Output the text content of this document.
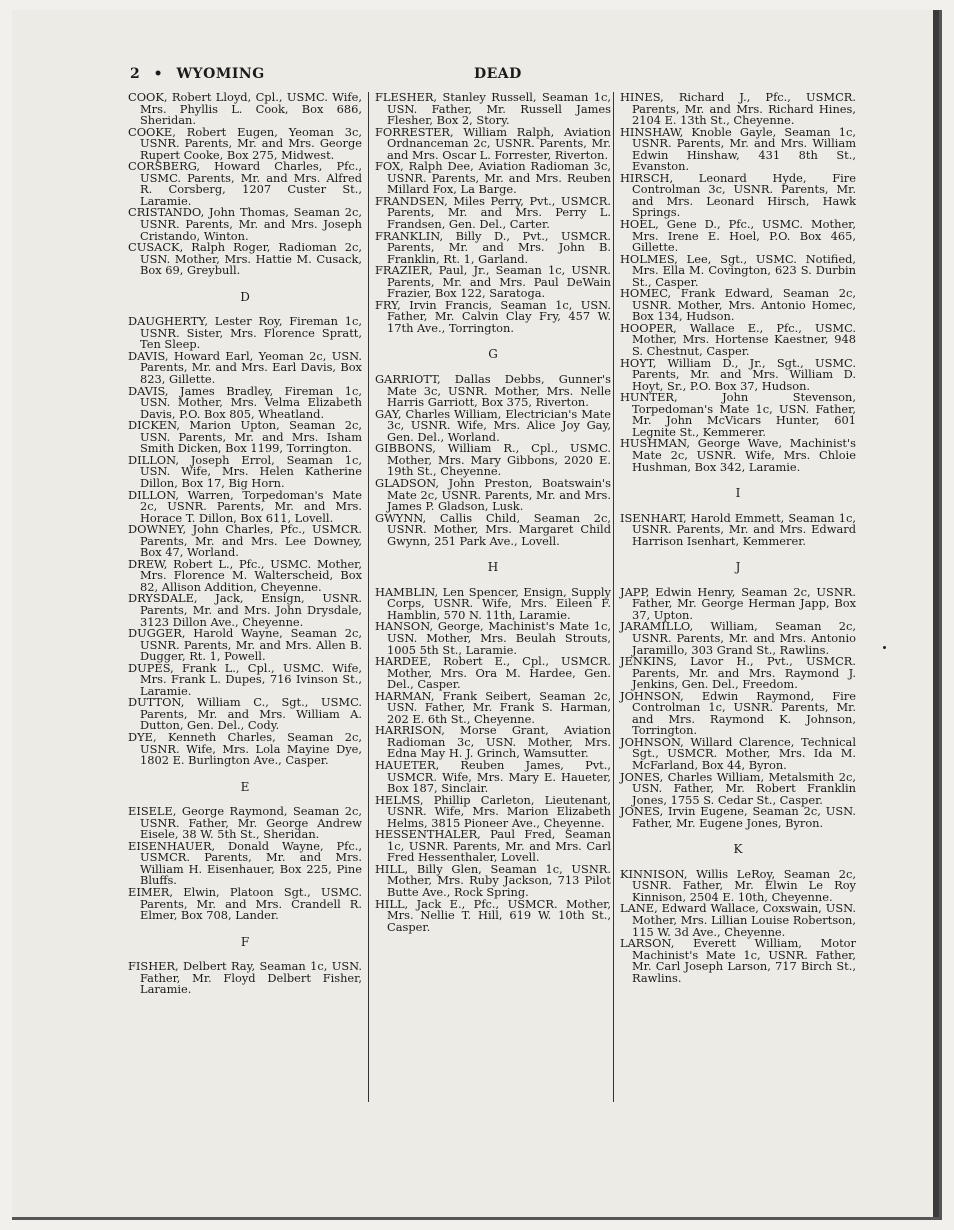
2 • WYOMING	DEAD

COOK, Robert Lloyd, Cpl., USMC. Wife, Mrs. Phyllis L. Cook, Box 686, Sheridan.

COOKE, Robert Eugen, Yeoman 3c, USNR. Parents, Mr. and Mrs. George Rupert Cooke, Box 275, Midwest.

CORSBERG, Howard Charles, Pfc., USMC. Parents, Mr. and Mrs. Alfred R. Corsberg, 1207 Custer St., Laramie.

CRISTANDO, John Thomas, Seaman 2c, USNR. Parents, Mr. and Mrs. Joseph Cristando, Winton.

CUSACK, Ralph Roger, Radioman 2c, USN. Mother, Mrs. Hattie M. Cusack, Box 69, Greybull.

D

DAUGHERTY, Lester Roy, Fireman 1c, USNR. Sister, Mrs. Florence Spratt, Ten Sleep.

DAVIS, Howard Earl, Yeoman 2c, USN. Parents, Mr. and Mrs. Earl Davis, Box 823, Gillette.

DAVIS, James Bradley, Fireman 1c, USN. Mother, Mrs. Velma Elizabeth Davis, P.O. Box 805, Wheatland.

DICKEN, Marion Upton, Seaman 2c, USN. Parents, Mr. and Mrs. Isham Smith Dicken, Box 1199, Torrington.

DILLON, Joseph Errol, Seaman 1c, USN. Wife, Mrs. Helen Katherine Dillon, Box 17, Big Horn.

DILLON, Warren, Torpedoman's Mate 2c, USNR. Parents, Mr. and Mrs. Horace T. Dillon, Box 611, Lovell.

DOWNEY, John Charles, Pfc., USMCR. Parents, Mr. and Mrs. Lee Downey, Box 47, Worland.

DREW, Robert L., Pfc., USMC. Mother, Mrs. Florence M. Walterscheid, Box 82, Allison Addition, Cheyenne.

DRYSDALE, Jack, Ensign, USNR. Parents, Mr. and Mrs. John Drysdale, 3123 Dillon Ave., Cheyenne.

DUGGER, Harold Wayne, Seaman 2c, USNR. Parents, Mr. and Mrs. Allen B. Dugger, Rt. 1, Powell.

DUPES, Frank L., Cpl., USMC. Wife, Mrs. Frank L. Dupes, 716 Ivinson St., Laramie.

DUTTON, William C., Sgt., USMC. Parents, Mr. and Mrs. William A. Dutton, Gen. Del., Cody.

DYE, Kenneth Charles, Seaman 2c, USNR. Wife, Mrs. Lola Mayine Dye, 1802 E. Burlington Ave., Casper.

E

EISELE, George Raymond, Seaman 2c, USNR. Father, Mr. George Andrew Eisele, 38 W. 5th St., Sheridan.

EISENHAUER, Donald Wayne, Pfc., USMCR. Parents, Mr. and Mrs. William H. Eisenhauer, Box 225, Pine Bluffs.

EIMER, Elwin, Platoon Sgt., USMC. Parents, Mr. and Mrs. Crandell R. Elmer, Box 708, Lander.

F

FISHER, Delbert Ray, Seaman 1c, USN. Father, Mr. Floyd Delbert Fisher, Laramie.

FLESHER, Stanley Russell, Seaman 1c, USN. Father, Mr. Russell James Flesher, Box 2, Story.

FORRESTER, William Ralph, Aviation Ordnanceman 2c, USNR. Parents, Mr. and Mrs. Oscar L. Forrester, Riverton.

FOX, Ralph Dee, Aviation Radioman 3c, USNR. Parents, Mr. and Mrs. Reuben Millard Fox, La Barge.

FRANDSEN, Miles Perry, Pvt., USMCR. Parents, Mr. and Mrs. Perry L. Frandsen, Gen. Del., Carter.

FRANKLIN, Billy D., Pvt., USMCR. Parents, Mr. and Mrs. John B. Franklin, Rt. 1, Garland.

FRAZIER, Paul, Jr., Seaman 1c, USNR. Parents, Mr. and Mrs. Paul DeWain Frazier, Box 122, Saratoga.

FRY, Irvin Francis, Seaman 1c, USN. Father, Mr. Calvin Clay Fry, 457 W. 17th Ave., Torrington.

G

GARRIOTT, Dallas Debbs, Gunner's Mate 3c, USNR. Mother, Mrs. Nelle Harris Garriott, Box 375, Riverton.

GAY, Charles William, Electrician's Mate 3c, USNR. Wife, Mrs. Alice Joy Gay, Gen. Del., Worland.

GIBBONS, William R., Cpl., USMC. Mother, Mrs. Mary Gibbons, 2020 E. 19th St., Cheyenne.

GLADSON, John Preston, Boatswain's Mate 2c, USNR. Parents, Mr. and Mrs. James P. Gladson, Lusk.

GWYNN, Callis Child, Seaman 2c, USNR. Mother, Mrs. Margaret Child Gwynn, 251 Park Ave., Lovell.

H

HAMBLIN, Len Spencer, Ensign, Supply Corps, USNR. Wife, Mrs. Eileen F. Hamblin, 570 N. 11th, Laramie.

HANSON, George, Machinist's Mate 1c, USN. Mother, Mrs. Beulah Strouts, 1005 5th St., Laramie.

HARDEE, Robert E., Cpl., USMCR. Mother, Mrs. Ora M. Hardee, Gen. Del., Casper.

HARMAN, Frank Seibert, Seaman 2c, USN. Father, Mr. Frank S. Harman, 202 E. 6th St., Cheyenne.

HARRISON, Morse Grant, Aviation Radioman 3c, USN. Mother, Mrs. Edna May H. J. Grinch, Wamsutter.

HAUETER, Reuben James, Pvt., USMCR. Wife, Mrs. Mary E. Haueter, Box 187, Sinclair.

HELMS, Phillip Carleton, Lieutenant, USNR. Wife, Mrs. Marion Elizabeth Helms, 3815 Pioneer Ave., Cheyenne.

HESSENTHALER, Paul Fred, Seaman 1c, USNR. Parents, Mr. and Mrs. Carl Fred Hessenthaler, Lovell.

HILL, Billy Glen, Seaman 1c, USNR. Mother, Mrs. Ruby Jackson, 713 Pilot Butte Ave., Rock Spring.

HILL, Jack E., Pfc., USMCR. Mother, Mrs. Nellie T. Hill, 619 W. 10th St., Casper.

HINES, Richard J., Pfc., USMCR. Parents, Mr. and Mrs. Richard Hines, 2104 E. 13th St., Cheyenne.

HINSHAW, Knoble Gayle, Seaman 1c, USNR. Parents, Mr. and Mrs. William Edwin Hinshaw, 431 8th St., Evanston.

HIRSCH, Leonard Hyde, Fire Controlman 3c, USNR. Parents, Mr. and Mrs. Leonard Hirsch, Hawk Springs.

HOEL, Gene D., Pfc., USMC. Mother, Mrs. Irene E. Hoel, P.O. Box 465, Gillette.

HOLMES, Lee, Sgt., USMC. Notified, Mrs. Ella M. Covington, 623 S. Durbin St., Casper.

HOMEC, Frank Edward, Seaman 2c, USNR. Mother, Mrs. Antonio Homec, Box 134, Hudson.

HOOPER, Wallace E., Pfc., USMC. Mother, Mrs. Hortense Kaestner, 948 S. Chestnut, Casper.

HOYT, William D., Jr., Sgt., USMC. Parents, Mr. and Mrs. William D. Hoyt, Sr., P.O. Box 37, Hudson.

HUNTER, John Stevenson, Torpedoman's Mate 1c, USN. Father, Mr. John McVicars Hunter, 601 Legnite St., Kemmerer.

HUSHMAN, George Wave, Machinist's Mate 2c, USNR. Wife, Mrs. Chloie Hushman, Box 342, Laramie.

I

ISENHART, Harold Emmett, Seaman 1c, USNR. Parents, Mr. and Mrs. Edward Harrison Isenhart, Kemmerer.

J

JAPP, Edwin Henry, Seaman 2c, USNR. Father, Mr. George Herman Japp, Box 37, Upton.

JARAMILLO, William, Seaman 2c, USNR. Parents, Mr. and Mrs. Antonio Jaramillo, 303 Grand St., Rawlins.

JENKINS, Lavor H., Pvt., USMCR. Parents, Mr. and Mrs. Raymond J. Jenkins, Gen. Del., Freedom.

JOHNSON, Edwin Raymond, Fire Controlman 1c, USNR. Parents, Mr. and Mrs. Raymond K. Johnson, Torrington.

JOHNSON, Willard Clarence, Technical Sgt., USMCR. Mother, Mrs. Ida M. McFarland, Box 44, Byron.

JONES, Charles William, Metalsmith 2c, USN. Father, Mr. Robert Franklin Jones, 1755 S. Cedar St., Casper.

JONES, Irvin Eugene, Seaman 2c, USN. Father, Mr. Eugene Jones, Byron.

K

KINNISON, Willis LeRoy, Seaman 2c, USNR. Father, Mr. Elwin Le Roy Kinnison, 2504 E. 10th, Cheyenne.

LANE, Edward Wallace, Coxswain, USN. Mother, Mrs. Lillian Louise Robertson, 115 W. 3d Ave., Cheyenne.

LARSON, Everett William, Motor Machinist's Mate 1c, USNR. Father, Mr. Carl Joseph Larson, 717 Birch St., Rawlins.
